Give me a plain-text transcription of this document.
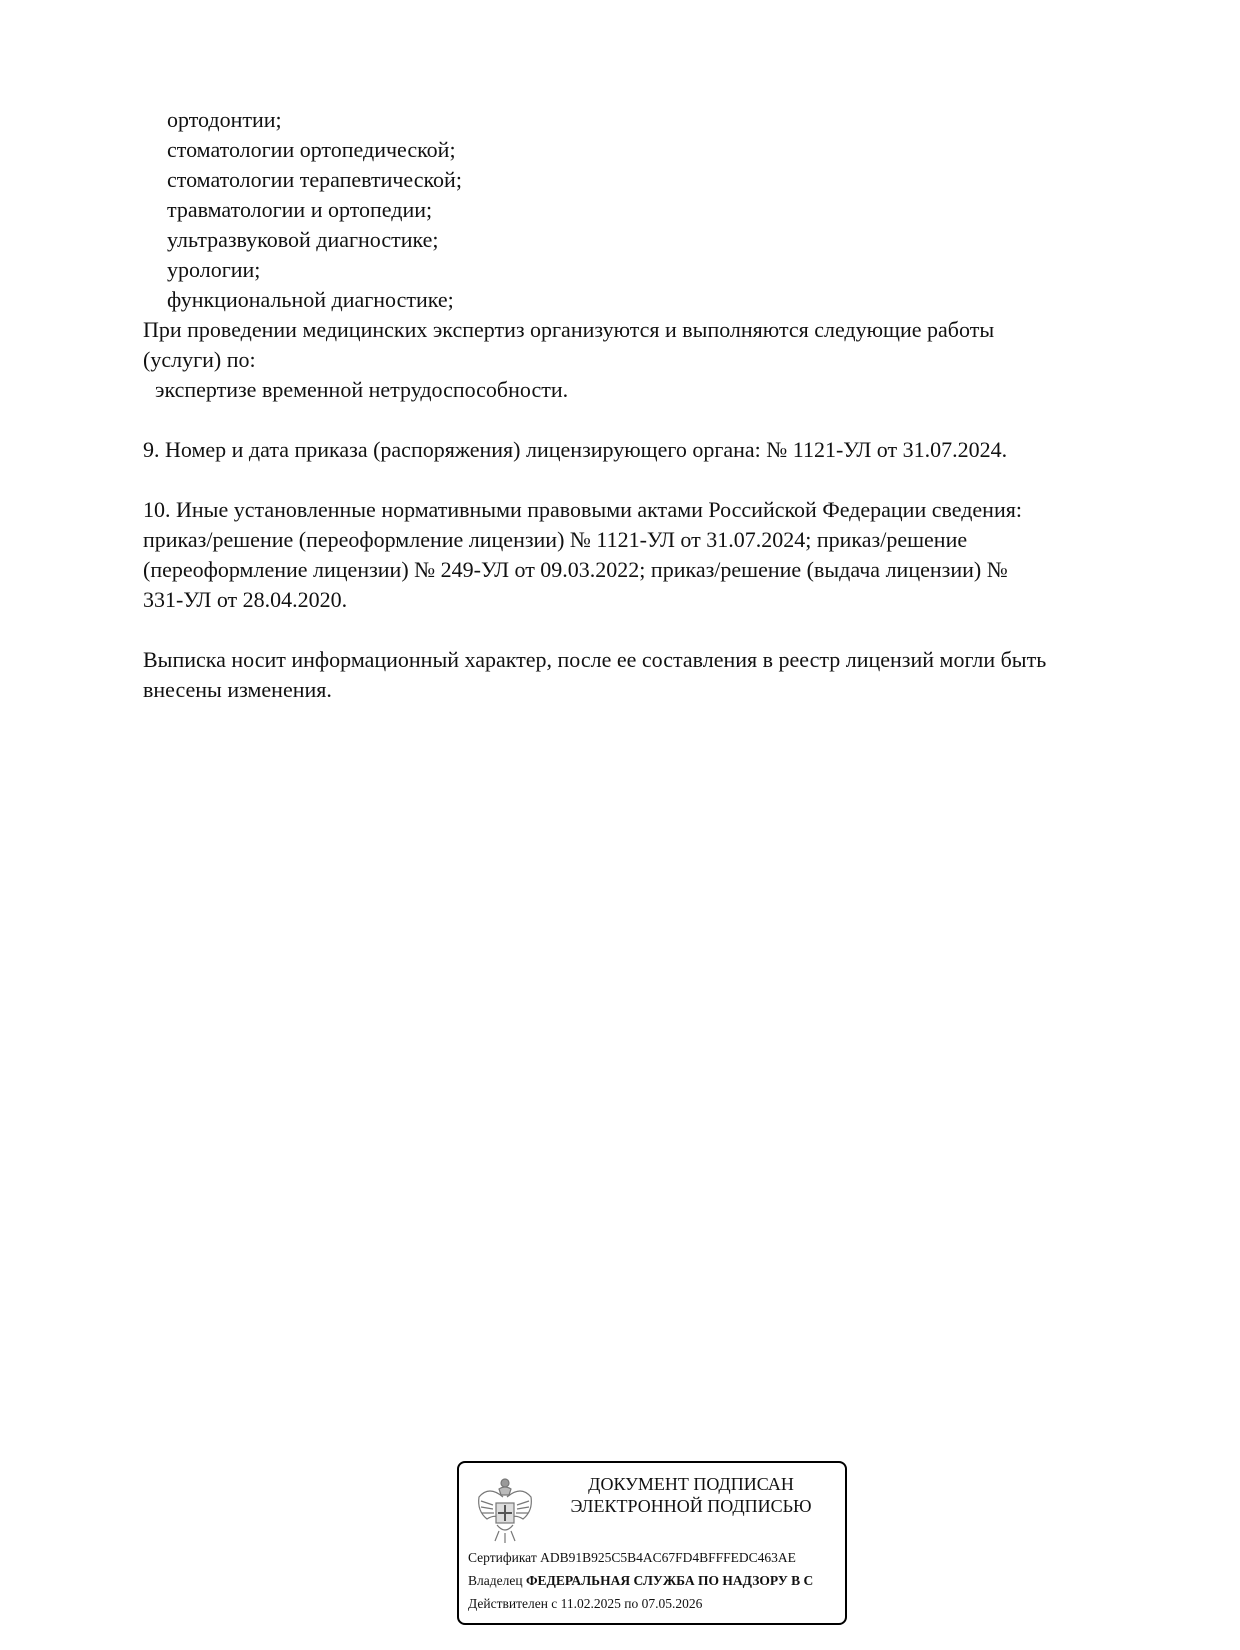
ортодонтии;
стоматологии ортопедической;
стоматологии терапевтической;
травматологии и ортопедии;
ультразвуковой диагностике;
урологии;
функциональной диагностике;
При проведении медицинских экспертиз организуются и выполняются следующие работы
(услуги) по:
экспертизе временной нетрудоспособности.
9. Номер и дата приказа (распоряжения) лицензирующего органа: № 1121-УЛ от 31.07.2024.
10. Иные установленные нормативными правовыми актами Российской Федерации сведения:
приказ/решение (переоформление лицензии) № 1121-УЛ от 31.07.2024; приказ/решение
(переоформление лицензии) № 249-УЛ от 09.03.2022; приказ/решение (выдача лицензии) №
331-УЛ от 28.04.2020.
Выписка носит информационный характер, после ее составления в реестр лицензий могли быть
внесены изменения.
ДОКУМЕНТ ПОДПИСАН
ЭЛЕКТРОННОЙ ПОДПИСЬЮ
Сертификат ADB91B925C5B4AC67FD4BFFFEDC463AE
Владелец ФЕДЕРАЛЬНАЯ СЛУЖБА ПО НАДЗОРУ В С
Действителен с 11.02.2025 по 07.05.2026
